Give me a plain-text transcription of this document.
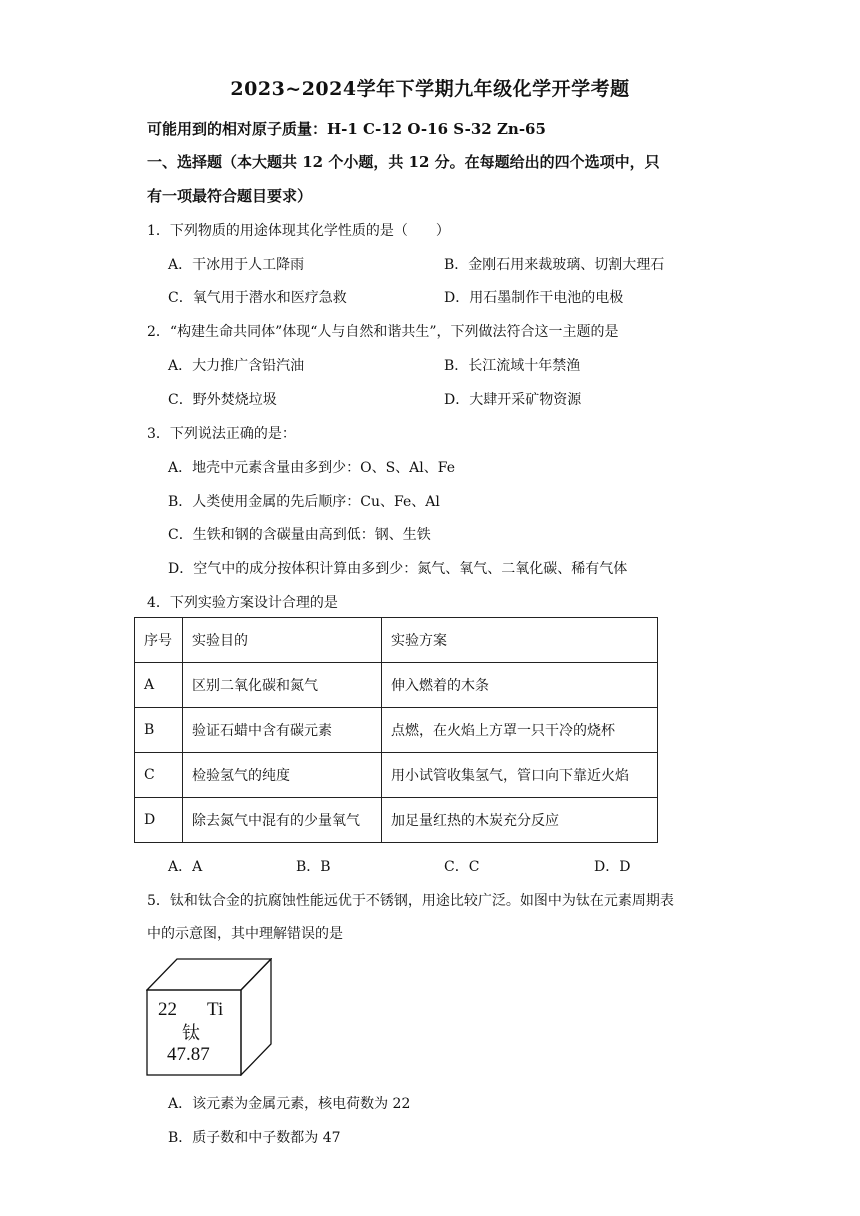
2023~2024学年下学期九年级化学开学考题
可能用到的相对原子质量：H-1 C-12 O-16 S-32 Zn-65
一、选择题（本大题共 12 个小题，共 12 分。在每题给出的四个选项中，只
有一项最符合题目要求）
1．下列物质的用途体现其化学性质的是（　　）
A．干冰用于人工降雨	B．金刚石用来裁玻璃、切割大理石
C．氧气用于潜水和医疗急救	D．用石墨制作干电池的电极
2．“构建生命共同体”体现“人与自然和谐共生”，下列做法符合这一主题的是
A．大力推广含铅汽油	B．长江流域十年禁渔
C．野外焚烧垃圾	D．大肆开采矿物资源
3．下列说法正确的是：
A．地壳中元素含量由多到少：O、S、Al、Fe
B．人类使用金属的先后顺序：Cu、Fe、Al
C．生铁和钢的含碳量由高到低：钢、生铁
D．空气中的成分按体积计算由多到少：氮气、氧气、二氧化碳、稀有气体
4．下列实验方案设计合理的是
序号	实验目的	实验方案
A	区别二氧化碳和氮气	伸入燃着的木条
B	验证石蜡中含有碳元素	点燃，在火焰上方罩一只干冷的烧杯
C	检验氢气的纯度	用小试管收集氢气，管口向下靠近火焰
D	除去氮气中混有的少量氧气	加足量红热的木炭充分反应
A．A	B．B	C．C	D．D
5．钛和钛合金的抗腐蚀性能远优于不锈钢，用途比较广泛。如图中为钛在元素周期表
中的示意图，其中理解错误的是
22 Ti
钛
47.87
A．该元素为金属元素，核电荷数为 22
B．质子数和中子数都为 47
